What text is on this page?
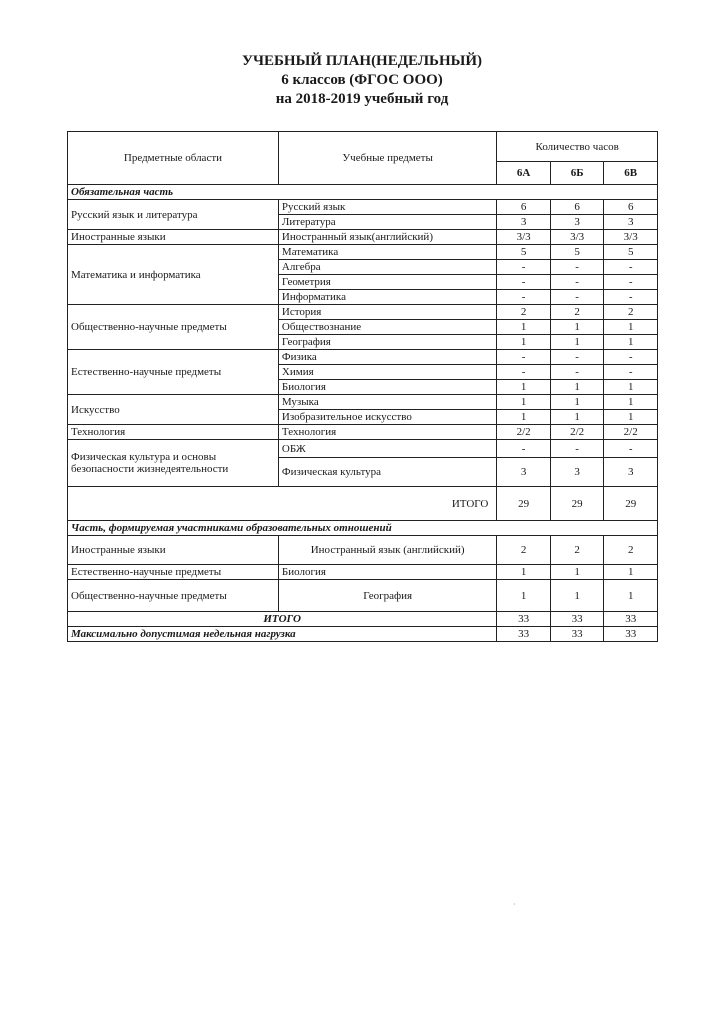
УЧЕБНЫЙ ПЛАН(НЕДЕЛЬНЫЙ)
6 классов (ФГОС ООО)
на 2018-2019 учебный год
Предметные области	Учебные предметы	Количество часов		
		6А	6Б	6В
Обязательная часть				
Русский язык и литература	Русский язык	6	6	6
	Литература	3	3	3
Иностранные языки	Иностранный язык(английский)	3/3	3/3	3/3
Математика и информатика	Математика	5	5	5
	Алгебра	-	-	-
	Геометрия	-	-	-
	Информатика	-	-	-
Общественно-научные предметы	История	2	2	2
	Обществознание	1	1	1
	География	1	1	1
Естественно-научные предметы	Физика	-	-	-
	Химия	-	-	-
	Биология	1	1	1
Искусство	Музыка	1	1	1
	Изобразительное искусство	1	1	1
Технология	Технология	2/2	2/2	2/2
Физическая культура и основы безопасности жизнедеятельности	ОБЖ	-	-	-
	Физическая культура	3	3	3
ИТОГО		29	29	29
Часть, формируемая участниками образовательных отношений				
Иностранные языки	Иностранный язык (английский)	2	2	2
Естественно-научные предметы	Биология	1	1	1
Общественно-научные предметы	География	1	1	1
ИТОГО		33	33	33
Максимально допустимая недельная нагрузка		33	33	33
·
